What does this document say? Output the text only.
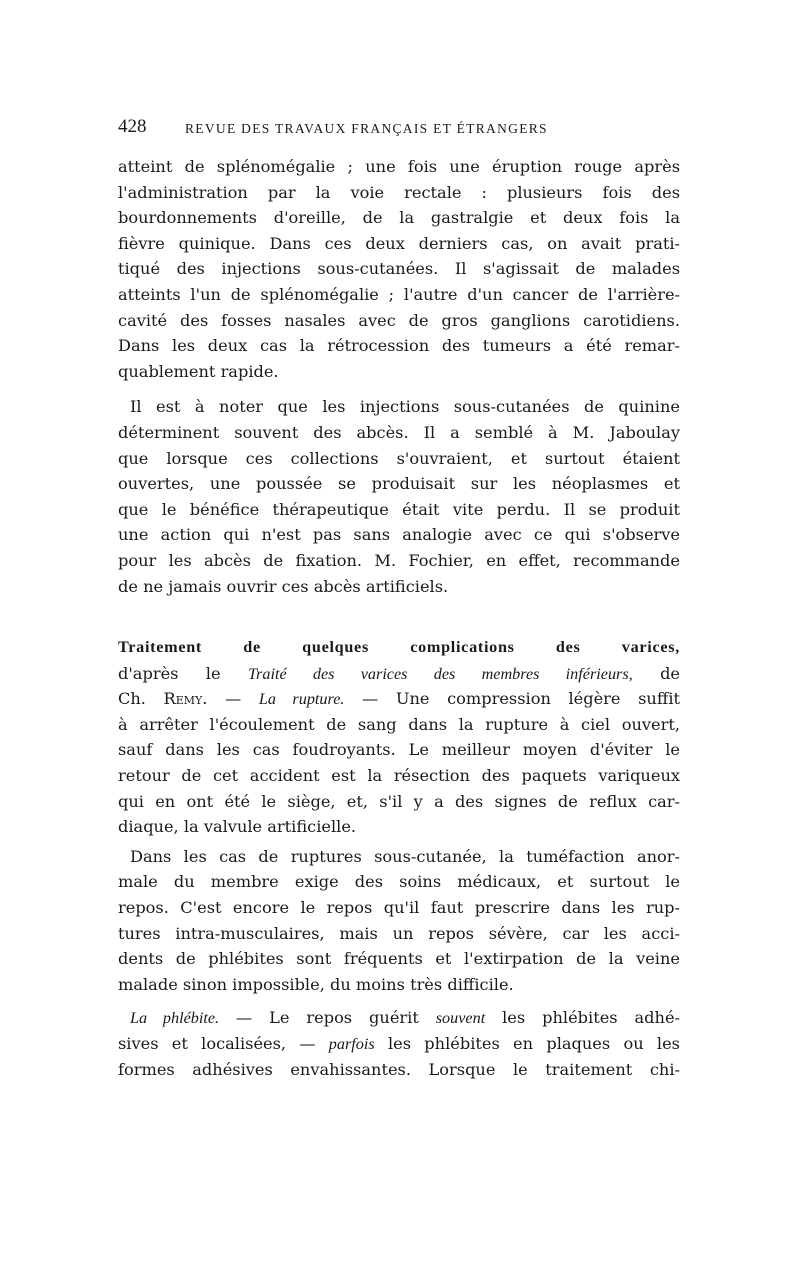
428	REVUE DES TRAVAUX FRANÇAIS ET ÉTRANGERS
atteint de splénomégalie ; une fois une éruption rouge après
l'administration par la voie rectale : plusieurs fois des
bourdonnements d'oreille, de la gastralgie et deux fois la
fièvre quinique. Dans ces deux derniers cas, on avait prati-
tiqué des injections sous-cutanées. Il s'agissait de malades
atteints l'un de splénomégalie ; l'autre d'un cancer de l'arrière-
cavité des fosses nasales avec de gros ganglions carotidiens.
Dans les deux cas la rétrocession des tumeurs a été remar-
quablement rapide.
Il est à noter que les injections sous-cutanées de quinine
déterminent souvent des abcès. Il a semblé à M. Jaboulay
que lorsque ces collections s'ouvraient, et surtout étaient
ouvertes, une poussée se produisait sur les néoplasmes et
que le bénéfice thérapeutique était vite perdu. Il se produit
une action qui n'est pas sans analogie avec ce qui s'observe
pour les abcès de fixation. M. Fochier, en effet, recommande
de ne jamais ouvrir ces abcès artificiels.
Traitement de quelques complications des varices,
d'après le Traité des varices des membres inférieurs, de
Ch. Remy. — La rupture. — Une compression légère suffit
à arrêter l'écoulement de sang dans la rupture à ciel ouvert,
sauf dans les cas foudroyants. Le meilleur moyen d'éviter le
retour de cet accident est la résection des paquets variqueux
qui en ont été le siège, et, s'il y a des signes de reflux car-
diaque, la valvule artificielle.
Dans les cas de ruptures sous-cutanée, la tuméfaction anor-
male du membre exige des soins médicaux, et surtout le
repos. C'est encore le repos qu'il faut prescrire dans les rup-
tures intra-musculaires, mais un repos sévère, car les acci-
dents de phlébites sont fréquents et l'extirpation de la veine
malade sinon impossible, du moins très difficile.
La phlébite. — Le repos guérit souvent les phlébites adhé-
sives et localisées, — parfois les phlébites en plaques ou les
formes adhésives envahissantes. Lorsque le traitement chi-
